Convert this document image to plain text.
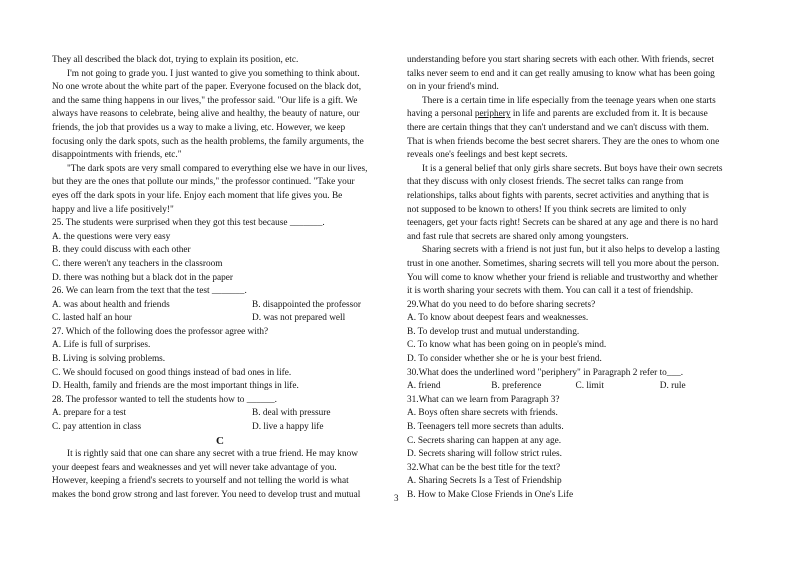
They all described the black dot, trying to explain its position, etc.

I'm not going to grade you. I just wanted to give you something to think about.

No one wrote about the white part of the paper. Everyone focused on the black dot,

and the same thing happens in our lives," the professor said. "Our life is a gift. We

always have reasons to celebrate, being alive and healthy, the beauty of nature, our

friends, the job that provides us a way to make a living, etc. However, we keep

focusing only the dark spots, such as the health problems, the family arguments, the

disappointments with friends, etc."

"The dark spots are very small compared to everything else we have in our lives,

but they are the ones that pollute our minds," the professor continued. "Take your

eyes off the dark spots in your life. Enjoy each moment that life gives you. Be

happy and live a life positively!"

25. The students were surprised when they got this test because _______.

A. the questions were very easy

B. they could discuss with each other

C. there weren't any teachers in the classroom

D. there was nothing but a black dot in the paper

26. We can learn from the text that the test _______.

A. was about health and friends	B. disappointed the professor
C. lasted half an hour	D. was not prepared well

27. Which of the following does the professor agree with?

A. Life is full of surprises.

B. Living is solving problems.

C. We should focused on good things instead of bad ones in life.

D. Health, family and friends are the most important things in life.

28. The professor wanted to tell the students how to ______.

A. prepare for a test	B. deal with pressure
C. pay attention in class	D. live a happy life

C

It is rightly said that one can share any secret with a true friend. He may know

your deepest fears and weaknesses and yet will never take advantage of you.

However, keeping a friend's secrets to yourself and not telling the world is what

makes the bond grow strong and last forever. You need to develop trust and mutual

understanding before you start sharing secrets with each other. With friends, secret

talks never seem to end and it can get really amusing to know what has been going

on in your friend's mind.

There is a certain time in life especially from the teenage years when one starts

having a personal periphery in life and parents are excluded from it. It is because

there are certain things that they can't understand and we can't discuss with them.

That is when friends become the best secret sharers. They are the ones to whom one

reveals one's feelings and best kept secrets.

It is a general belief that only girls share secrets. But boys have their own secrets

that they discuss with only closest friends. The secret talks can range from

relationships, talks about fights with parents, secret activities and anything that is

not supposed to be known to others! If you think secrets are limited to only

teenagers, get your facts right! Secrets can be shared at any age and there is no hard

and fast rule that secrets are shared only among youngsters.

Sharing secrets with a friend is not just fun, but it also helps to develop a lasting

trust in one another. Sometimes, sharing secrets will tell you more about the person.

You will come to know whether your friend is reliable and trustworthy and whether

it is worth sharing your secrets with them. You can call it a test of friendship.

29.What do you need to do before sharing secrets?

A. To know about deepest fears and weaknesses.

B. To develop trust and mutual understanding.

C. To know what has been going on in people's mind.

D. To consider whether she or he is your best friend.

30.What does the underlined word "periphery" in Paragraph 2 refer to___.

A. friend	B. preference	C. limit	D. rule

31.What can we learn from Paragraph 3?

A. Boys often share secrets with friends.

B. Teenagers tell more secrets than adults.

C. Secrets sharing can happen at any age.

D. Secrets sharing will follow strict rules.

32.What can be the best title for the text?

A. Sharing Secrets Is a Test of Friendship

B. How to Make Close Friends in One's Life

3
